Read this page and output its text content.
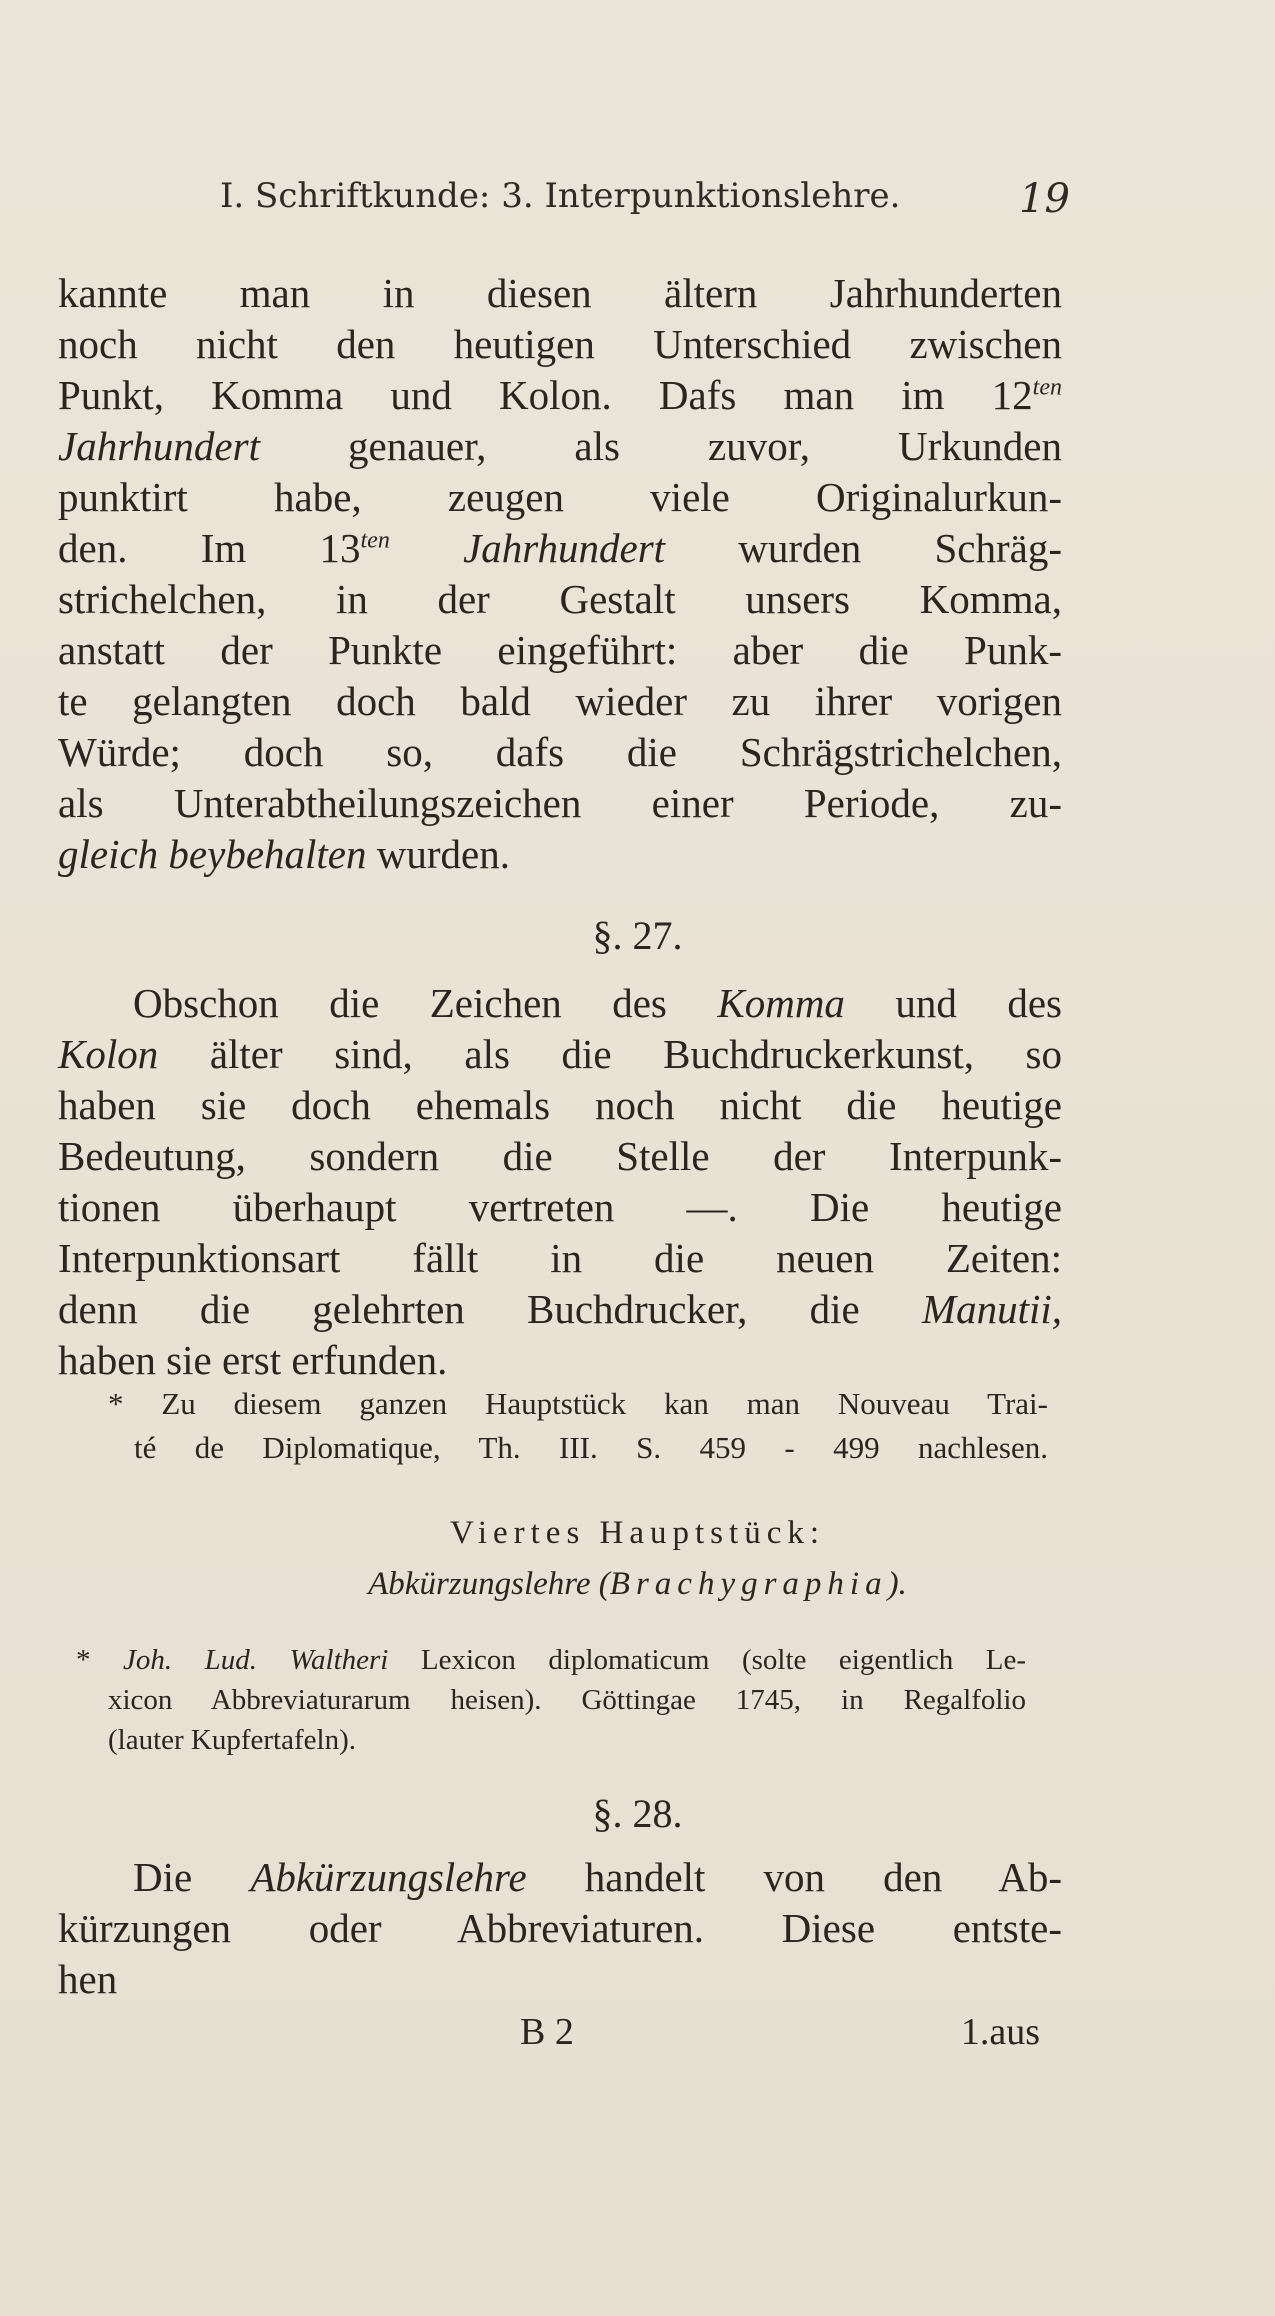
I. Schriftkunde: 3. Interpunktionslehre.	19
kannte man in diesen ältern Jahrhunderten
noch nicht den heutigen Unterschied zwischen
Punkt, Komma und Kolon. Dafs man im $12^{ten}$
Jahrhundert genauer, als zuvor, Urkunden
punktirt habe, zeugen viele Originalurkun-
den. Im $13^{ten}$ Jahrhundert wurden Schräg-
strichelchen, in der Gestalt unsers Komma,
anstatt der Punkte eingeführt: aber die Punk-
te gelangten doch bald wieder zu ihrer vorigen
Würde; doch so, dafs die Schrägstrichelchen,
als Unterabtheilungszeichen einer Periode, zu-
gleich beybehalten wurden.
§. 27.
Obschon die Zeichen des Komma und des
Kolon älter sind, als die Buchdruckerkunst, so
haben sie doch ehemals noch nicht die heutige
Bedeutung, sondern die Stelle der Interpunk-
tionen überhaupt vertreten —. Die heutige
Interpunktionsart fällt in die neuen Zeiten:
denn die gelehrten Buchdrucker, die Manutii,
haben sie erst erfunden.
* Zu diesem ganzen Hauptstück kan man Nouveau Trai-
té de Diplomatique, Th. III. S. 459 - 499 nachlesen.
Viertes Hauptstück:
Abkürzungslehre (Brachygraphia).
* Joh. Lud. Waltheri Lexicon diplomaticum (solte eigentlich Le-
xicon Abbreviaturarum heisen). Göttingae 1745, in Regalfolio
(lauter Kupfertafeln).
§. 28.
Die Abkürzungslehre handelt von den Ab-
kürzungen oder Abbreviaturen. Diese entste-
hen
B 2	1.aus
